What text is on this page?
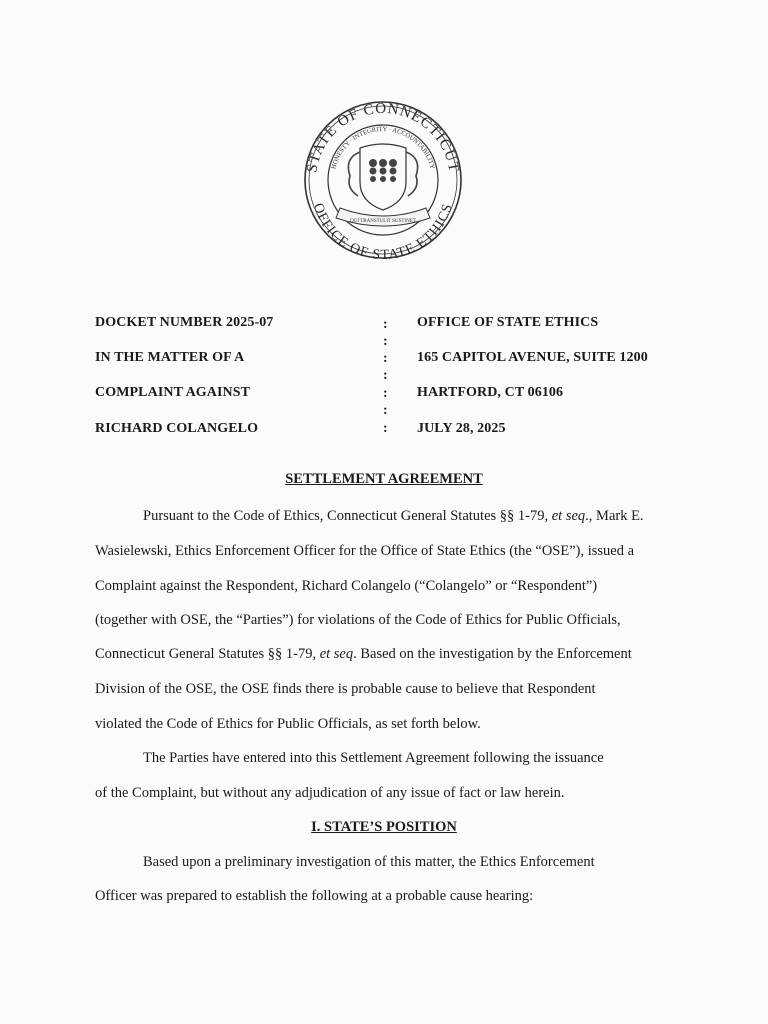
STATE OF CONNECTICUT
OFFICE OF STATE ETHICS
HONESTY · INTEGRITY · ACCOUNTABILITY
QUI TRANSTULIT SUSTINET
DOCKET NUMBER 2025-07
IN THE MATTER OF A
COMPLAINT AGAINST
RICHARD COLANGELO
:
:
:
:
:
:
:
OFFICE OF STATE ETHICS
165 CAPITOL AVENUE, SUITE 1200
HARTFORD, CT 06106
JULY 28, 2025
SETTLEMENT AGREEMENT
Pursuant to the Code of Ethics, Connecticut General Statutes §§ 1-79, et seq., Mark E.
Wasielewski, Ethics Enforcement Officer for the Office of State Ethics (the “OSE”), issued a
Complaint against the Respondent, Richard Colangelo (“Colangelo” or “Respondent”)
(together with OSE, the “Parties”) for violations of the Code of Ethics for Public Officials,
Connecticut General Statutes §§ 1-79, et seq. Based on the investigation by the Enforcement
Division of the OSE, the OSE finds there is probable cause to believe that Respondent
violated the Code of Ethics for Public Officials, as set forth below.
The Parties have entered into this Settlement Agreement following the issuance
of the Complaint, but without any adjudication of any issue of fact or law herein.
I. STATE’S POSITION
Based upon a preliminary investigation of this matter, the Ethics Enforcement
Officer was prepared to establish the following at a probable cause hearing:
